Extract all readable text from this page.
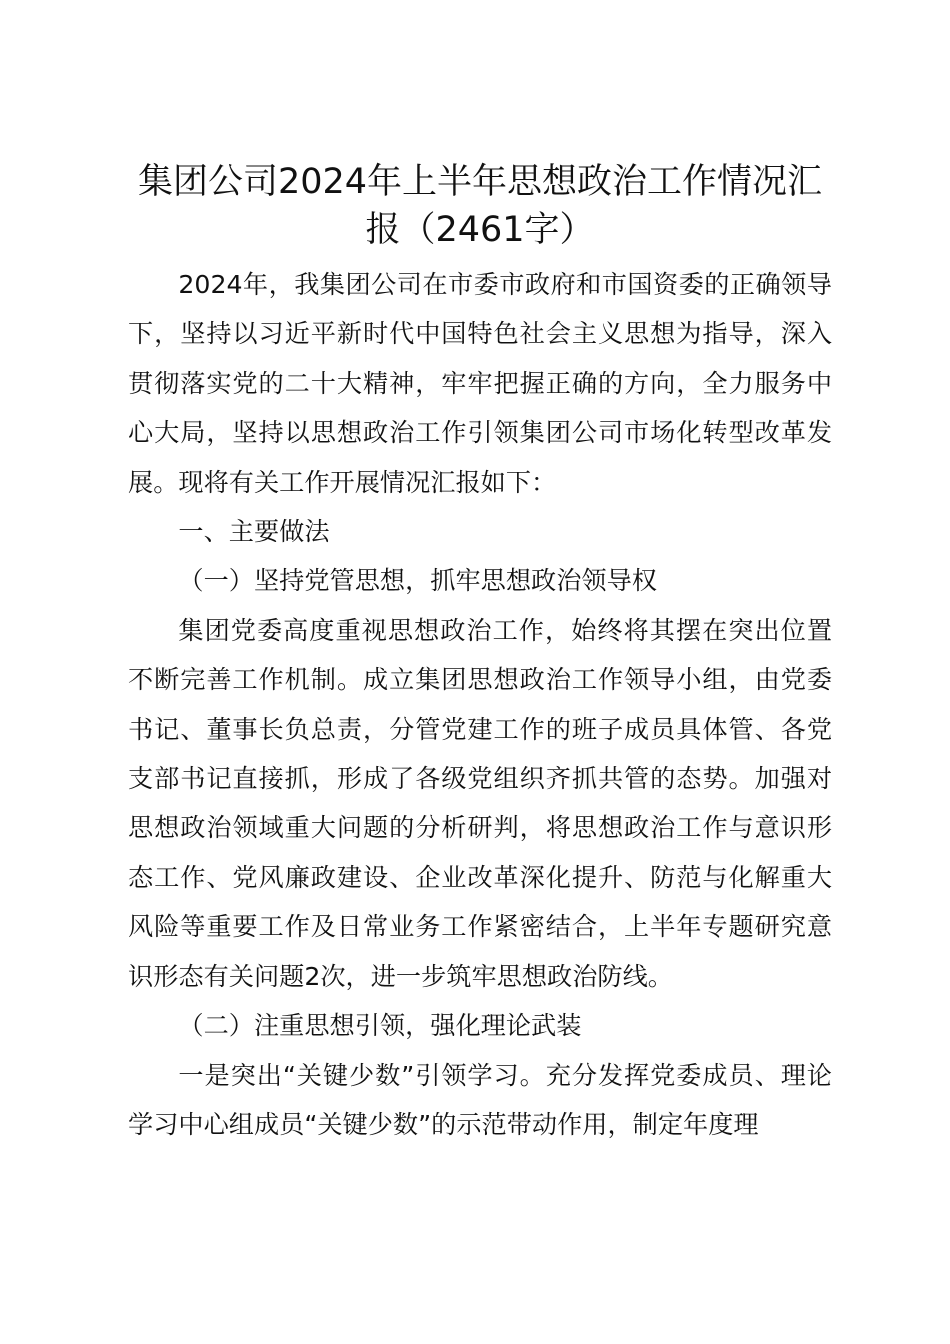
集团公司2024年上半年思想政治工作情况汇报（2461字）

2024年，我集团公司在市委市政府和市国资委的正确领导下，坚持以习近平新时代中国特色社会主义思想为指导，深入贯彻落实党的二十大精神，牢牢把握正确的方向，全力服务中心大局，坚持以思想政治工作引领集团公司市场化转型改革发展。现将有关工作开展情况汇报如下：

一、主要做法

（一）坚持党管思想，抓牢思想政治领导权

集团党委高度重视思想政治工作，始终将其摆在突出位置不断完善工作机制。成立集团思想政治工作领导小组，由党委书记、董事长负总责，分管党建工作的班子成员具体管、各党支部书记直接抓，形成了各级党组织齐抓共管的态势。加强对思想政治领域重大问题的分析研判，将思想政治工作与意识形态工作、党风廉政建设、企业改革深化提升、防范与化解重大风险等重要工作及日常业务工作紧密结合，上半年专题研究意识形态有关问题2次，进一步筑牢思想政治防线。

（二）注重思想引领，强化理论武装

一是突出“关键少数”引领学习。充分发挥党委成员、理论学习中心组成员“关键少数”的示范带动作用，制定年度理
